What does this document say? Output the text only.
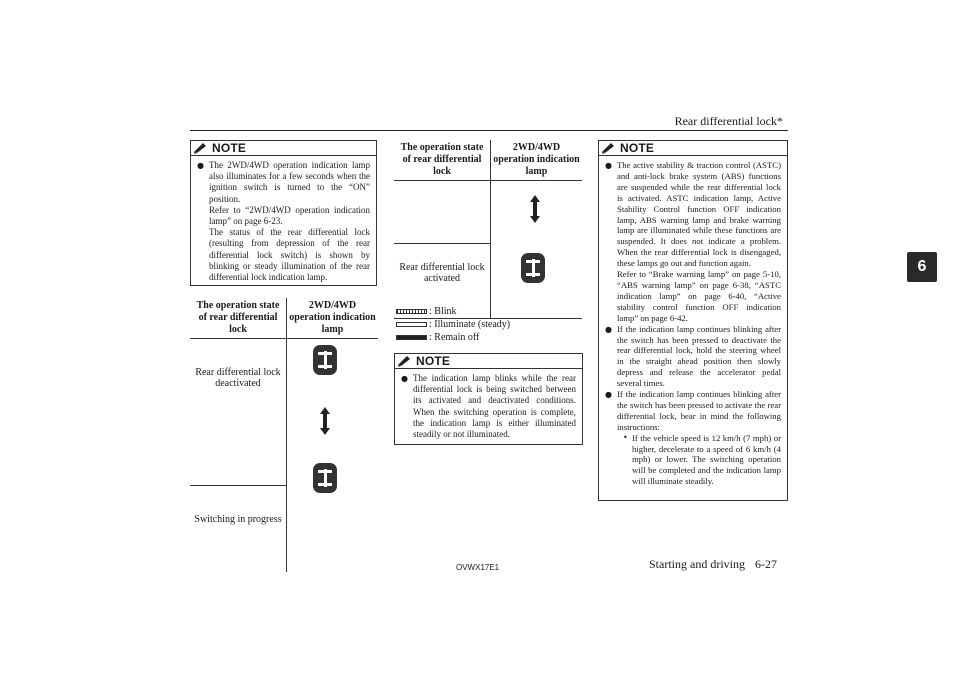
Rear differential lock*
6
NOTE
● The 2WD/4WD operation indication lamp also illuminates for a few seconds when the ignition switch is turned to the “ON” position.

Refer to “2WD/4WD operation indication lamp” on page 6-23.

The status of the rear differential lock (resulting from depression of the rear differential lock switch) is shown by blinking or steady illumination of the rear differential lock indication lamp.

The operation state of rear differential lock	2WD/4WD operation indication lamp
Rear differential lock deactivated	

Switching in progress	
The operation state of rear differential lock	2WD/4WD operation indication lamp

Rear differential lock activated	
: Blink
: Illuminate (steady)
: Remain off
NOTE
● The indication lamp blinks while the rear differential lock is being switched between its activated and deactivated conditions. When the switching operation is complete, the indication lamp is either illuminated steadily or not illuminated.

NOTE
● The active stability & traction control (ASTC) and anti-lock brake system (ABS) functions are suspended while the rear differential lock is activated. ASTC indication lamp, Active Stability Control function OFF indication lamp, ABS warning lamp and brake warning lamp are illuminated while these functions are suspended. It does not indicate a problem. When the rear differential lock is disengaged, these lamps go out and function again.

Refer to “Brake warning lamp” on page 5-10, “ABS warning lamp” on page 6-38, “ASTC indication lamp” on page 6-40, “Active stability control function OFF indication lamp” on page 6-42.

● If the indication lamp continues blinking after the switch has been pressed to deactivate the rear differential lock, hold the steering wheel in the straight ahead position then slowly depress and release the accelerator pedal several times.

● If the indication lamp continues blinking after the switch has been pressed to activate the rear differential lock, bear in mind the following instructions:

• If the vehicle speed is 12 km/h (7 mph) or higher, decelerate to a speed of 6 km/h (4 mph) or lower. The switching operation will be completed and the indication lamp will illuminate steadily.

OVWX17E1	Starting and driving 6-27
